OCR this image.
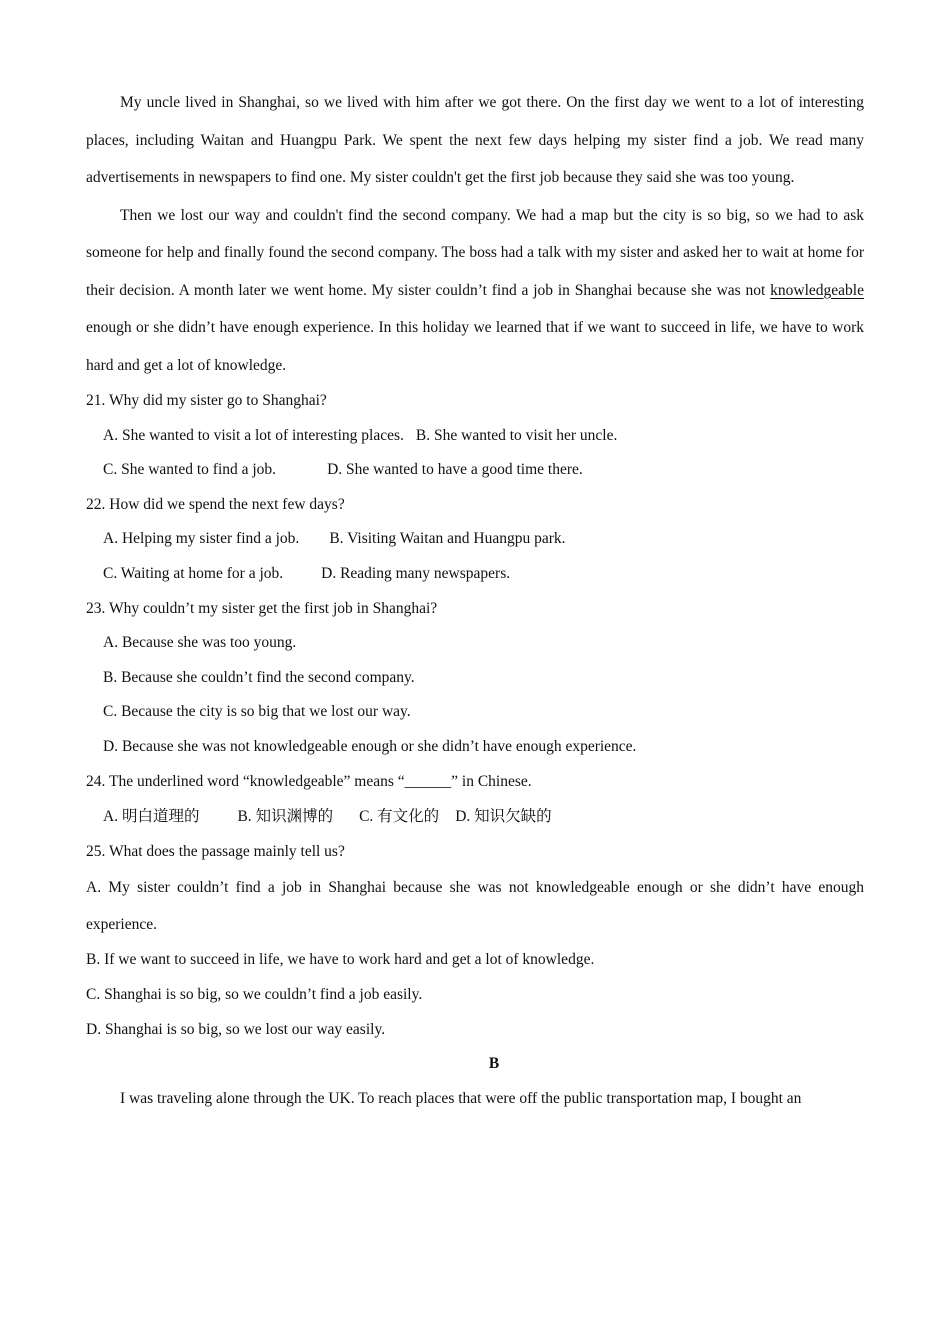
My uncle lived in Shanghai, so we lived with him after we got there. On the first day we went to a lot of interesting places, including Waitan and Huangpu Park. We spent the next few days helping my sister find a job. We read many advertisements in newspapers to find one. My sister couldn't get the first job because they said she was too young.

Then we lost our way and couldn't find the second company. We had a map but the city is so big, so we had to ask someone for help and finally found the second company. The boss had a talk with my sister and asked her to wait at home for their decision. A month later we went home. My sister couldn’t find a job in Shanghai because she was not knowledgeable enough or she didn’t have enough experience. In this holiday we learned that if we want to succeed in life, we have to work hard and get a lot of knowledge.

21. Why did my sister go to Shanghai?

A. She wanted to visit a lot of interesting places. B. She wanted to visit her uncle.

C. She wanted to find a job.	D. She wanted to have a good time there.

22. How did we spend the next few days?

A. Helping my sister find a job. B. Visiting Waitan and Huangpu park.

C. Waiting at home for a job. D. Reading many newspapers.

23. Why couldn’t my sister get the first job in Shanghai?

A. Because she was too young.

B. Because she couldn’t find the second company.

C. Because the city is so big that we lost our way.

D. Because she was not knowledgeable enough or she didn’t have enough experience.

24. The underlined word “knowledgeable” means “______” in Chinese.

A. 明白道理的 B. 知识渊博的 C. 有文化的 D. 知识欠缺的

25. What does the passage mainly tell us?

A. My sister couldn’t find a job in Shanghai because she was not knowledgeable enough or she didn’t have enough experience.

B. If we want to succeed in life, we have to work hard and get a lot of knowledge.

C. Shanghai is so big, so we couldn’t find a job easily.

D. Shanghai is so big, so we lost our way easily.

B

I was traveling alone through the UK. To reach places that were off the public transportation map, I bought an
